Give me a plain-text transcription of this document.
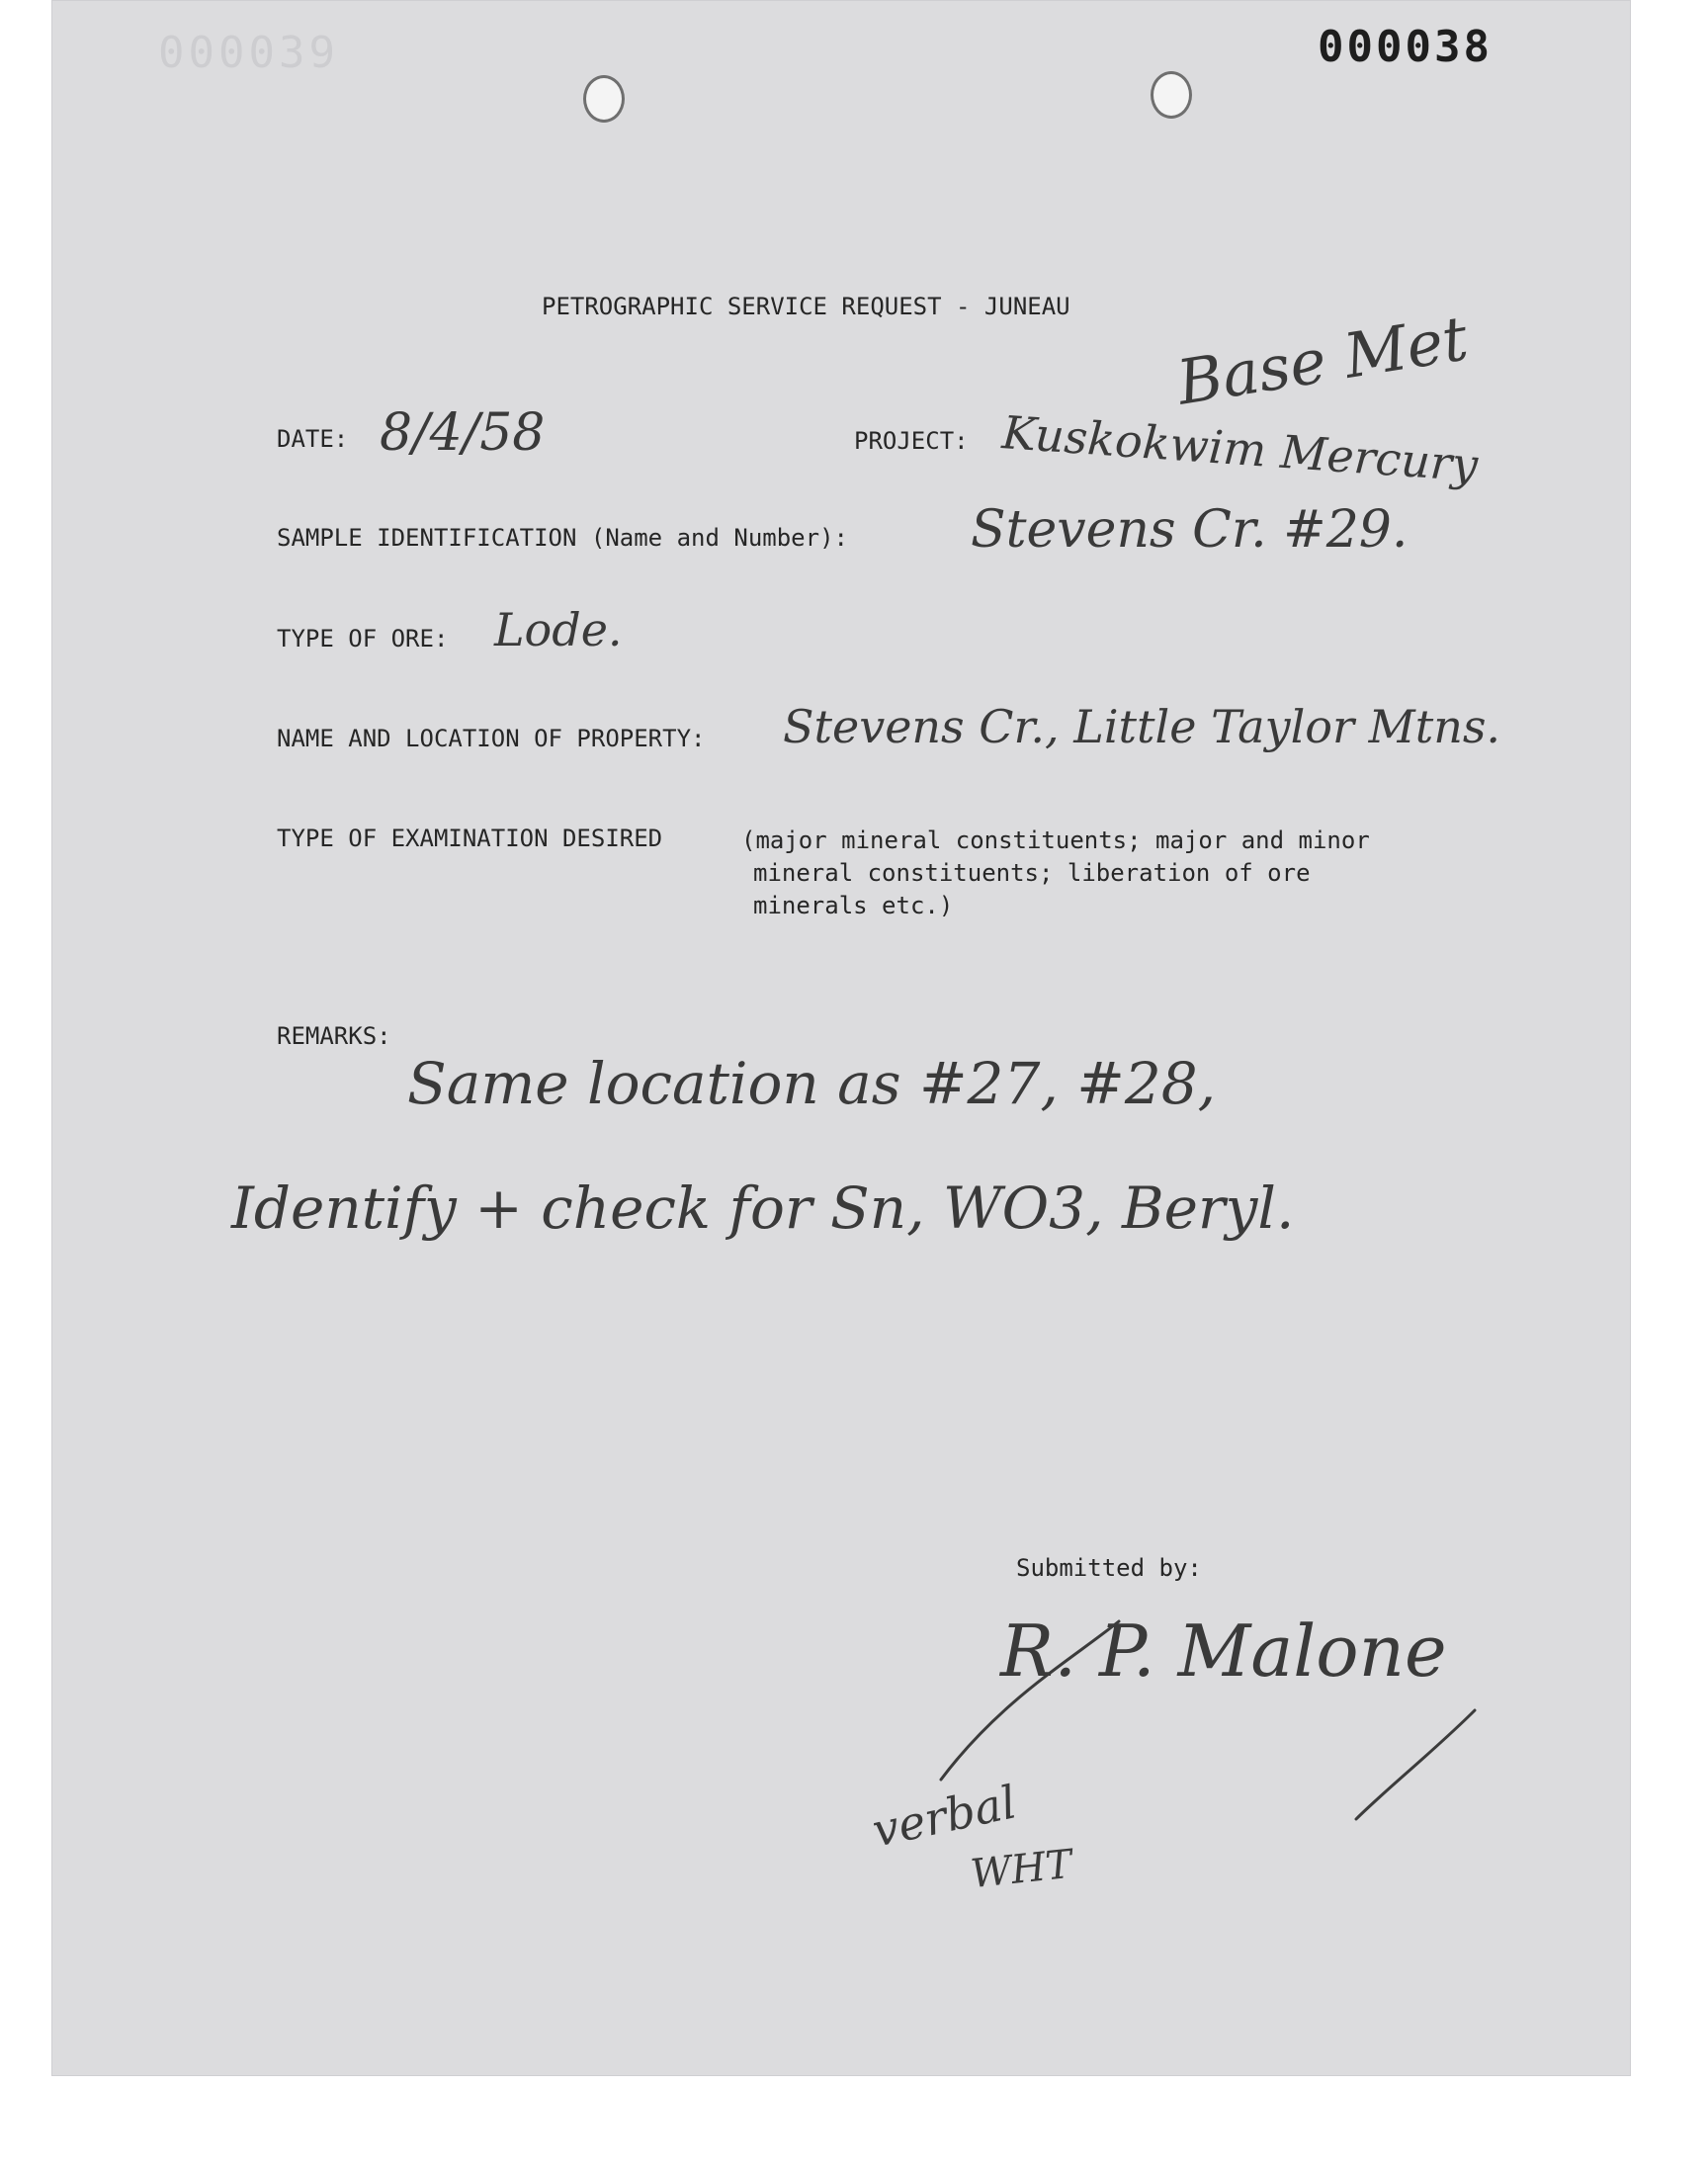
000039	000038
PETROGRAPHIC SERVICE REQUEST - JUNEAU Base Met
DATE: 8/4/58	PROJECT: Kuskokwim Mercury
SAMPLE IDENTIFICATION (Name and Number): Stevens Cr. #29.
TYPE OF ORE: Lode.
NAME AND LOCATION OF PROPERTY: Stevens Cr., Little Taylor Mtns.
TYPE OF EXAMINATION DESIRED	(major mineral constituents; major and minor
mineral constituents; liberation of ore
minerals etc.)
REMARKS:
Same location as #27, #28,
Identify + check for Sn, WO3, Beryl.
Submitted by:
R. P. Malone
verbal
WHT
